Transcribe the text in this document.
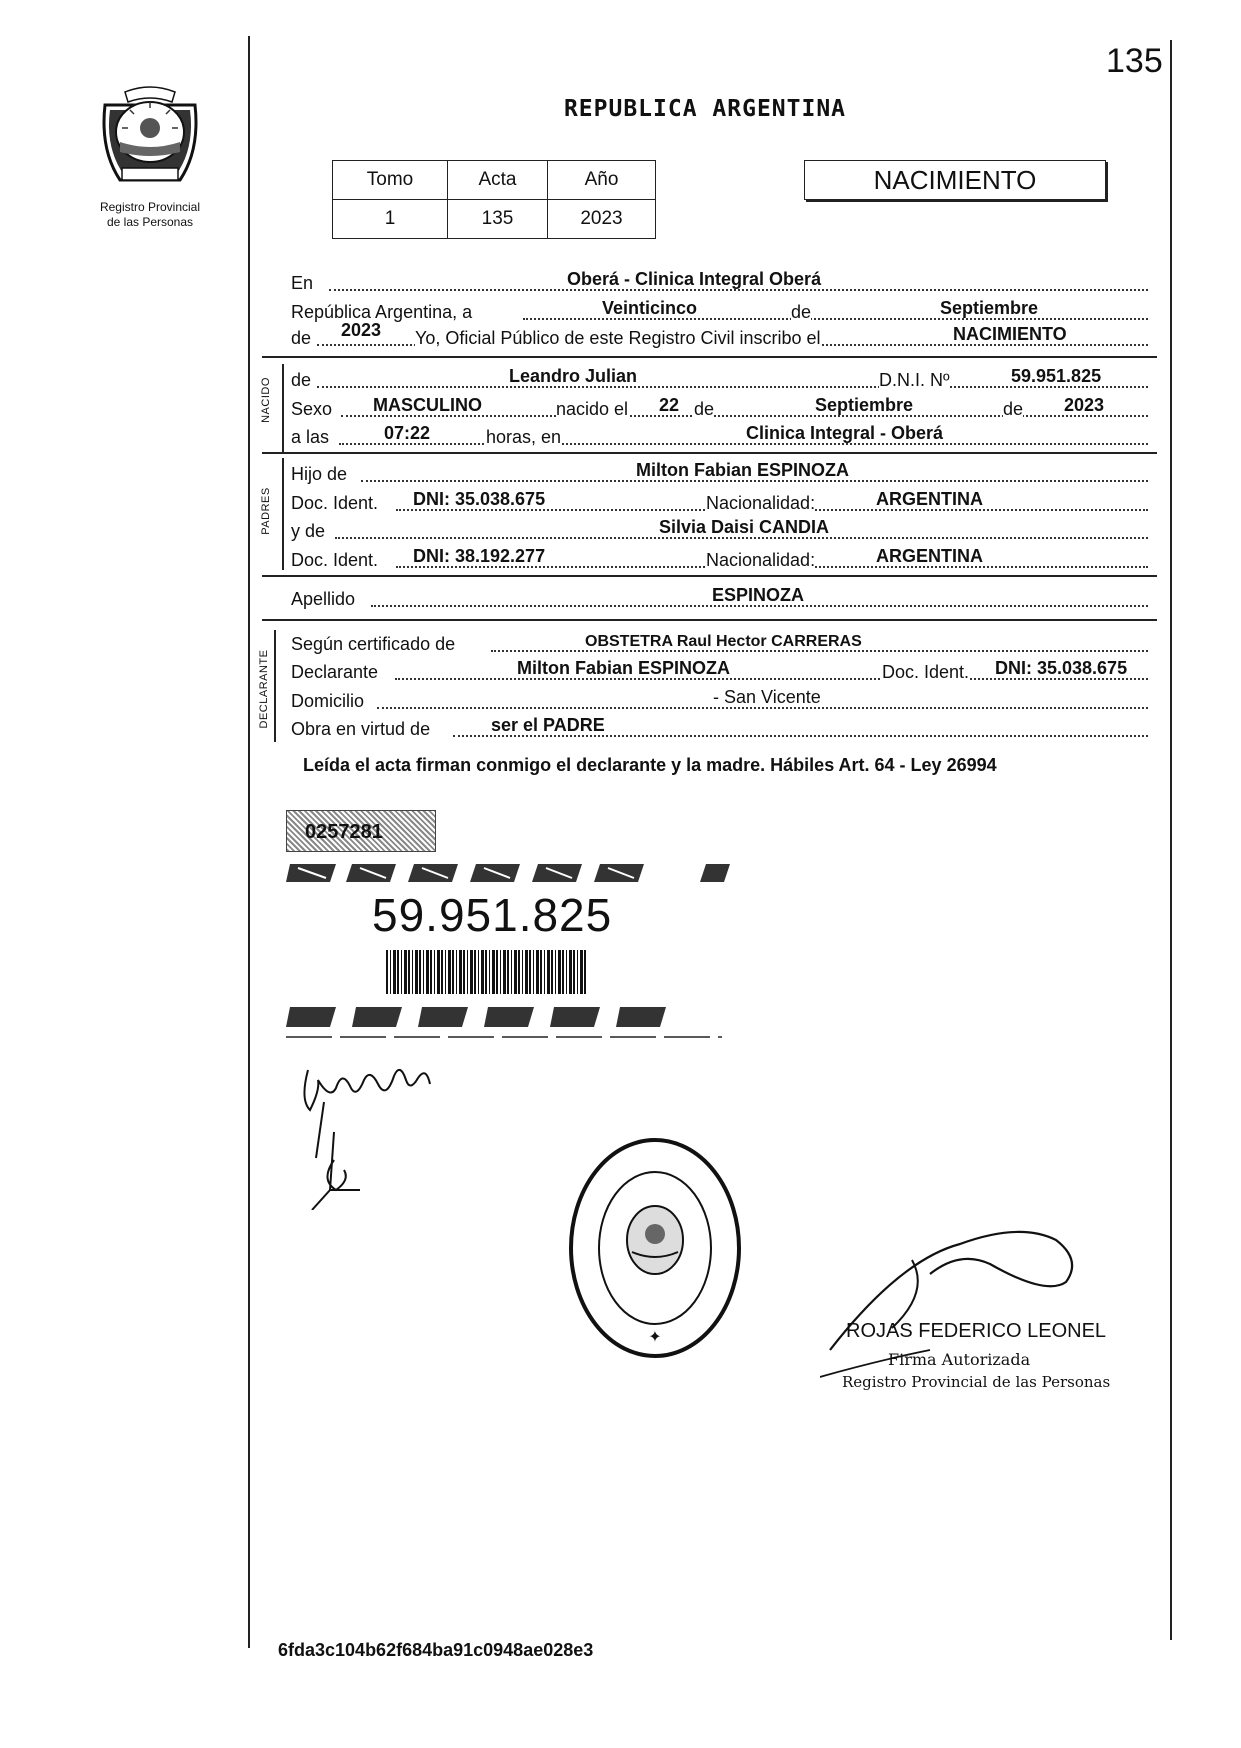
135
REPUBLICA ARGENTINA
Registro Provincial
de las Personas
Tomo	Acta	Año
1	135	2023
NACIMIENTO
En	Oberá - Clinica Integral Oberá
República Argentina, a	Veinticinco	de	Septiembre
de 2023 Yo, Oficial Público de este Registro Civil inscribo el	NACIMIENTO
NACIDO de	Leandro Julian	D.N.I. Nº	59.951.825
Sexo MASCULINO	nacido el 22 de	Septiembre	de 2023
a las	07:22	horas, en	Clinica Integral - Oberá
PADRES
Hijo de	Milton Fabian ESPINOZA
Doc. Ident. DNI: 35.038.675	Nacionalidad:	ARGENTINA
y de	Silvia Daisi CANDIA
Doc. Ident. DNI: 38.192.277	Nacionalidad:	ARGENTINA
Apellido	ESPINOZA
DECLARANTE
Según certificado de	OBSTETRA Raul Hector CARRERAS
Declarante	Milton Fabian ESPINOZA	Doc. Ident. DNI: 35.038.675
Domicilio	- San Vicente
Obra en virtud de	ser el PADRE
Leída el acta firman conmigo el declarante y la madre. Hábiles Art. 64 - Ley 26994
0257281
59.951.825
✦	ROJAS FEDERICO LEONEL
Firma Autorizada
Registro Provincial de las Personas
6fda3c104b62f684ba91c0948ae028e3
